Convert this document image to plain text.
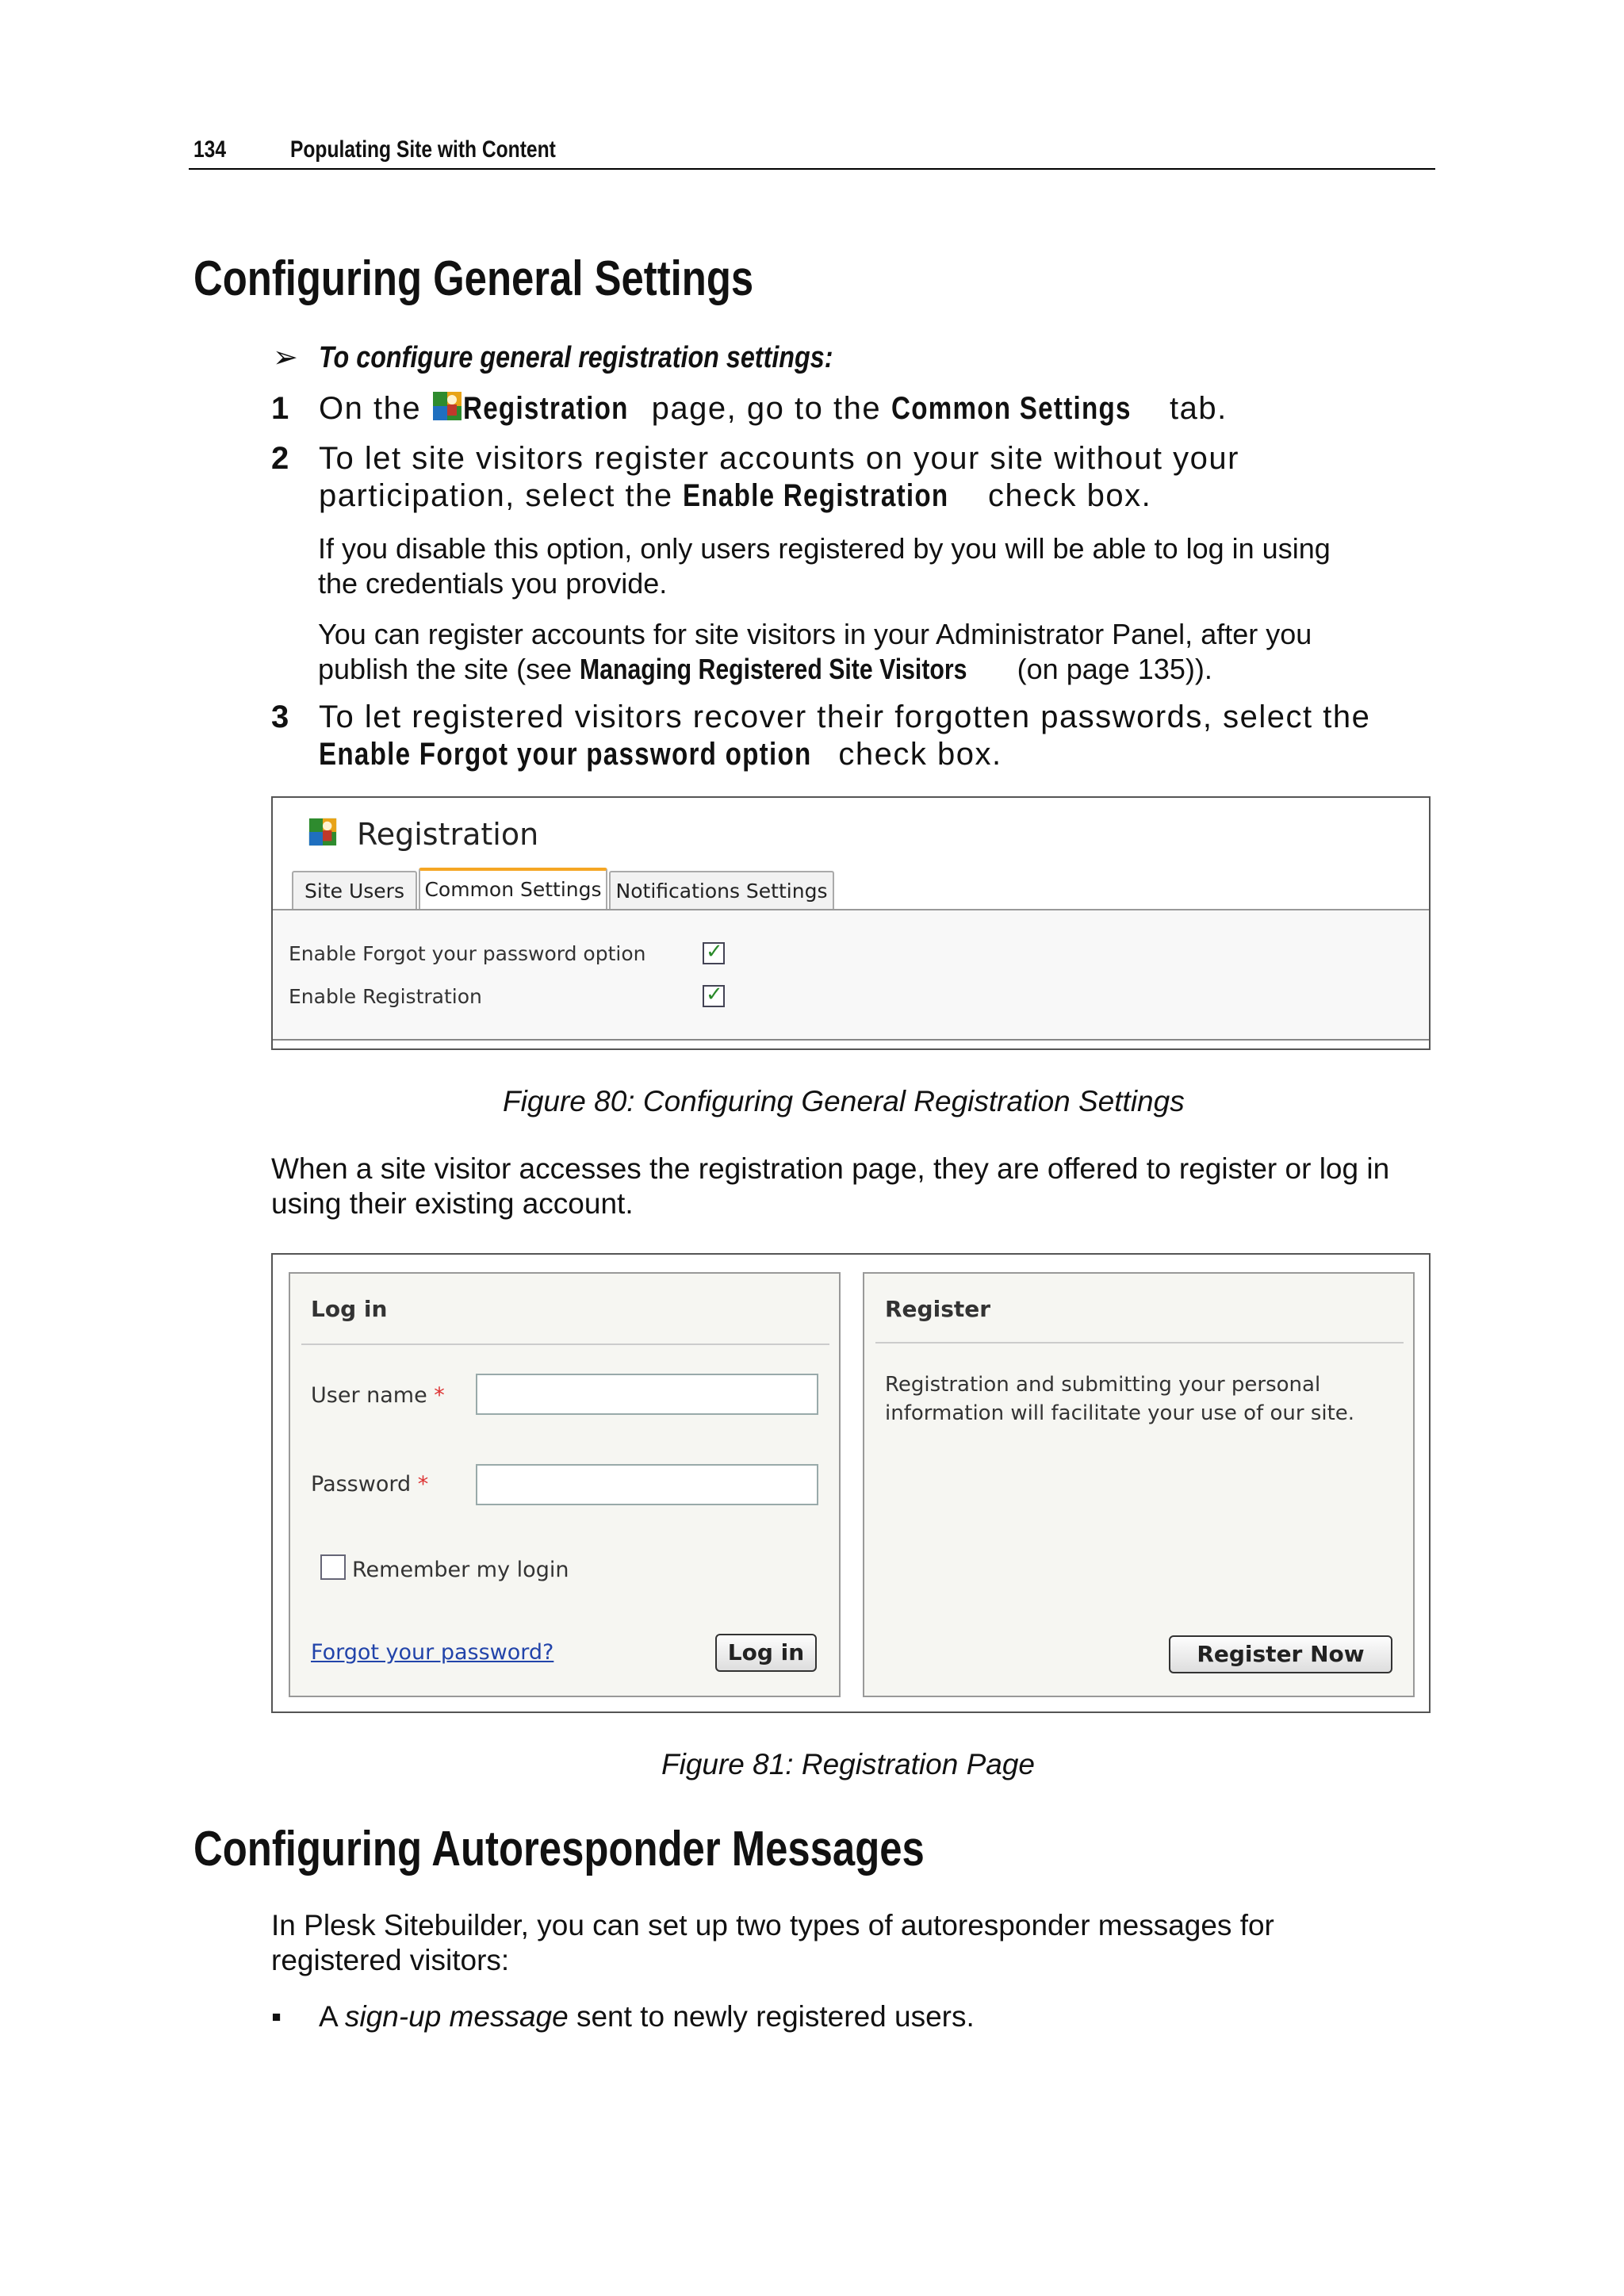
134	Populating Site with Content
Configuring General Settings
➢ To configure general registration settings:
1 On the Registration page, go to the Common Settings tab.
2 To let site visitors register accounts on your site without your
participation, select the Enable Registration check box.
If you disable this option, only users registered by you will be able to log in using
the credentials you provide.
You can register accounts for site visitors in your Administrator Panel, after you
publish the site (see Managing Registered Site Visitors (on page 135)).
3 To let registered visitors recover their forgotten passwords, select the
Enable Forgot your password option check box.
Registration
Site Users	Common Settings Notifications Settings
Enable Forgot your password option
✓
Enable Registration
✓
Figure 80: Configuring General Registration Settings
When a site visitor accesses the registration page, they are offered to register or log in
using their existing account.
Log in
User name *
Password *
Remember my login
Forgot your password?	Log in
Register
Registration and submitting your personal
information will facilitate your use of our site.
Register Now
Figure 81: Registration Page
Configuring Autoresponder Messages
In Plesk Sitebuilder, you can set up two types of autoresponder messages for
registered visitors:
▪ A sign-up message sent to newly registered users.
